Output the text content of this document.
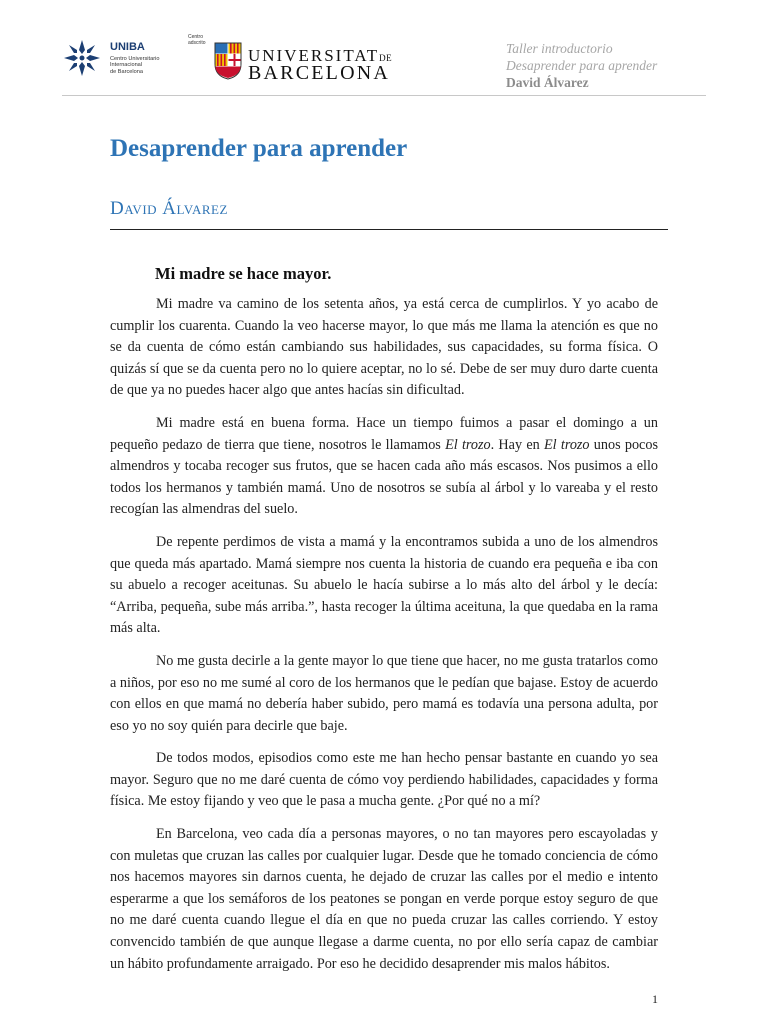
UNIBA
Centro Universitario
Internacional
de Barcelona
Centro adscrito
UNIVERSITATDE
BARCELONA
Taller introductorio
Desaprender para aprender
David Álvarez
Desaprender para aprender
David Álvarez
Mi madre se hace mayor.

Mi madre va camino de los setenta años, ya está cerca de cumplirlos. Y yo acabo de cumplir los cuarenta. Cuando la veo hacerse mayor, lo que más me llama la atención es que no se da cuenta de cómo están cambiando sus habilidades, sus capacidades, su forma física. O quizás sí que se da cuenta pero no lo quiere aceptar, no lo sé. Debe de ser muy duro darte cuenta de que ya no puedes hacer algo que antes hacías sin dificultad.

Mi madre está en buena forma. Hace un tiempo fuimos a pasar el domingo a un pequeño pedazo de tierra que tiene, nosotros le llamamos El trozo. Hay en El trozo unos pocos almendros y tocaba recoger sus frutos, que se hacen cada año más escasos. Nos pusimos a ello todos los hermanos y también mamá. Uno de nosotros se subía al árbol y lo vareaba y el resto recogían las almendras del suelo.

De repente perdimos de vista a mamá y la encontramos subida a uno de los almendros que queda más apartado. Mamá siempre nos cuenta la historia de cuando era pequeña e iba con su abuelo a recoger aceitunas. Su abuelo le hacía subirse a lo más alto del árbol y le decía: “Arriba, pequeña, sube más arriba.”, hasta recoger la última aceituna, la que quedaba en la rama más alta.

No me gusta decirle a la gente mayor lo que tiene que hacer, no me gusta tratarlos como a niños, por eso no me sumé al coro de los hermanos que le pedían que bajase. Estoy de acuerdo con ellos en que mamá no debería haber subido, pero mamá es todavía una persona adulta, por eso yo no soy quién para decirle que baje.

De todos modos, episodios como este me han hecho pensar bastante en cuando yo sea mayor. Seguro que no me daré cuenta de cómo voy perdiendo habilidades, capacidades y forma física. Me estoy fijando y veo que le pasa a mucha gente. ¿Por qué no a mí?

En Barcelona, veo cada día a personas mayores, o no tan mayores pero escayoladas y con muletas que cruzan las calles por cualquier lugar. Desde que he tomado conciencia de cómo nos hacemos mayores sin darnos cuenta, he dejado de cruzar las calles por el medio e intento esperarme a que los semáforos de los peatones se pongan en verde porque estoy seguro de que no me daré cuenta cuando llegue el día en que no pueda cruzar las calles corriendo. Y estoy convencido también de que aunque llegase a darme cuenta, no por ello sería capaz de cambiar un hábito profundamente arraigado. Por eso he decidido desaprender mis malos hábitos.

1
